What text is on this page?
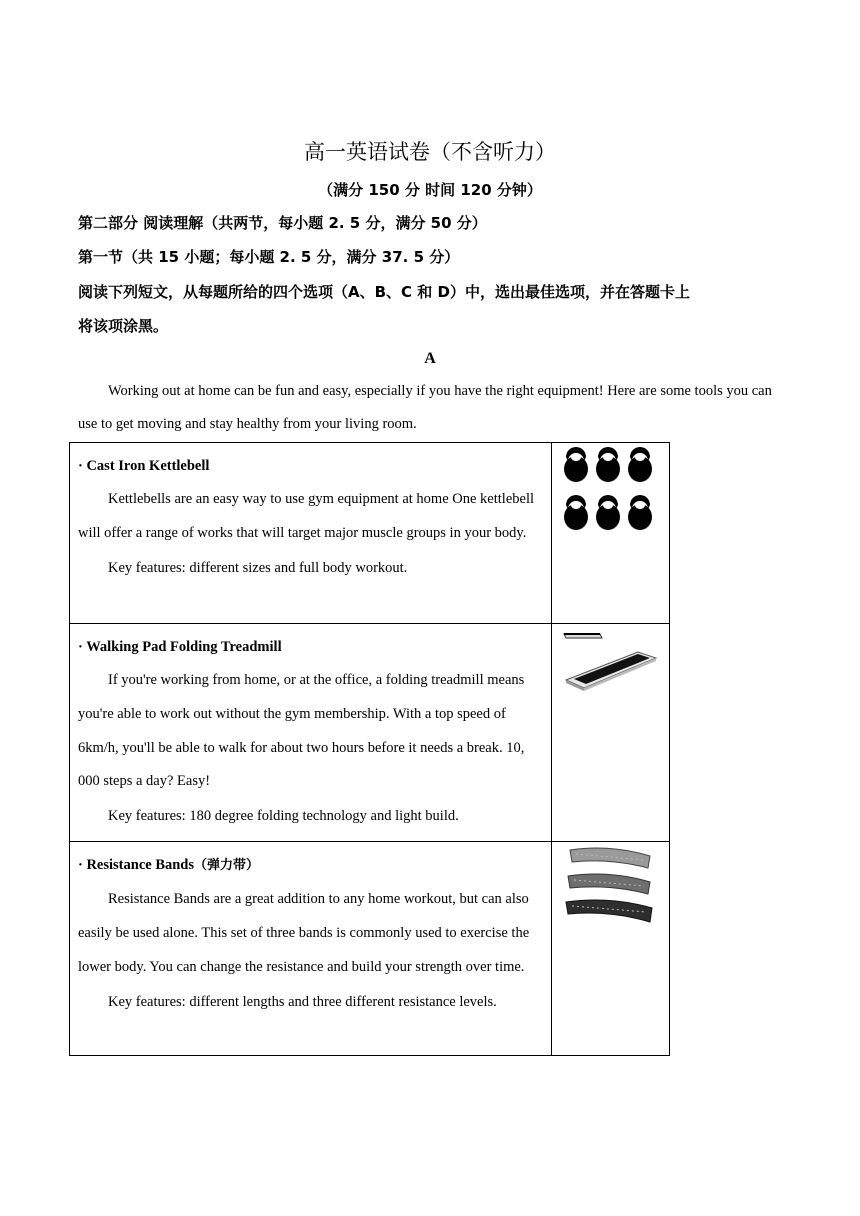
高一英语试卷（不含听力）
（满分 150 分 时间 120 分钟）
第二部分 阅读理解（共两节，每小题 2. 5 分，满分 50 分）
第一节（共 15 小题；每小题 2. 5 分，满分 37. 5 分）
阅读下列短文，从每题所给的四个选项（A、B、C 和 D）中，选出最佳选项，并在答题卡上
将该项涂黑。
A

Working out at home can be fun and easy, especially if you have the right equipment! Here are some tools you can use to get moving and stay healthy from your living room.

· Cast Iron Kettlebell

Kettlebells are an easy way to use gym equipment at home One kettlebell will offer a range of works that will target major muscle groups in your body.

Key features: different sizes and full body workout.

· Walking Pad Folding Treadmill

If you're working from home, or at the office, a folding treadmill means you're able to work out without the gym membership. With a top speed of 6km/h, you'll be able to walk for about two hours before it needs a break. 10, 000 steps a day? Easy!

Key features: 180 degree folding technology and light build.

· Resistance Bands（弹力带）

Resistance Bands are a great addition to any home workout, but can also easily be used alone. This set of three bands is commonly used to exercise the lower body. You can change the resistance and build your strength over time.

Key features: different lengths and three different resistance levels.
